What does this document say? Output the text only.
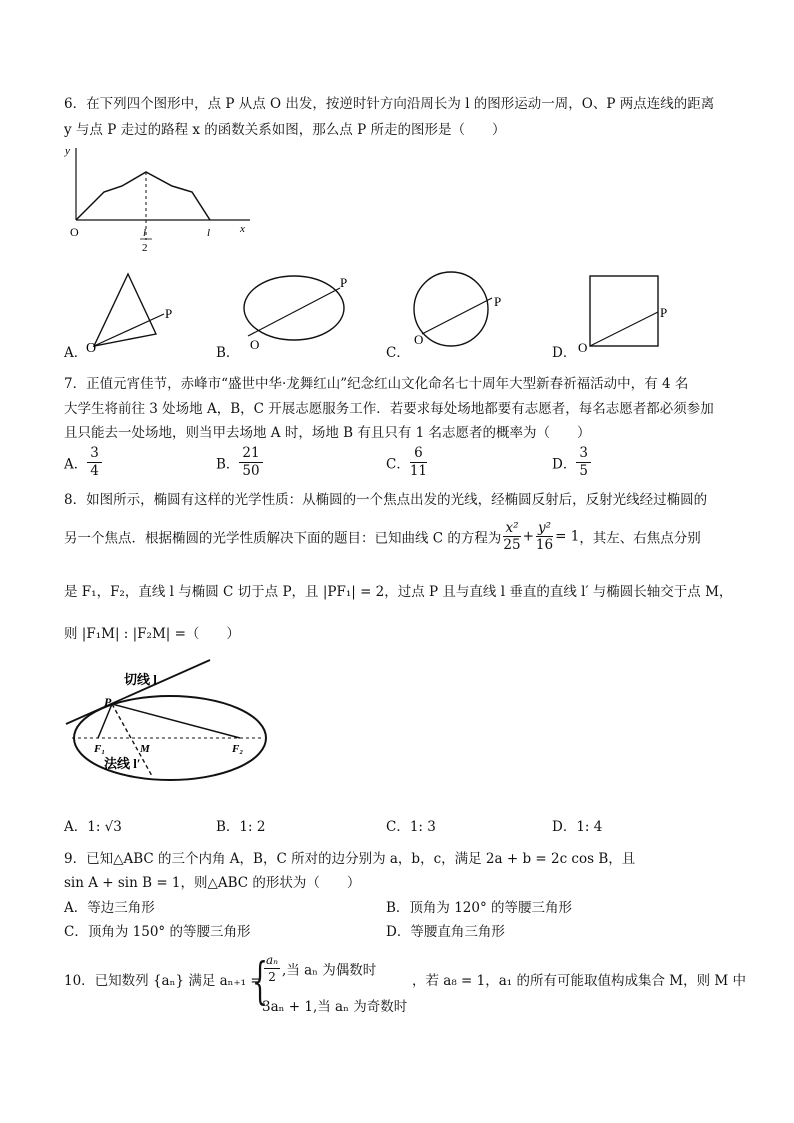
6．在下列四个图形中，点 P 从点 O 出发，按逆时针方向沿周长为 l 的图形运动一周，O、P 两点连线的距离
y 与点 P 走过的路程 x 的函数关系如图，那么点 P 所走的图形是（　　）
y
x
O	l
2
l
A．
O
P
B．
O
P
C．
O
P
D． O
P
7．正值元宵佳节，赤峰市“盛世中华·龙舞红山”纪念红山文化命名七十周年大型新春祈福活动中，有 4 名
大学生将前往 3 处场地 A，B，C 开展志愿服务工作．若要求每处场地都要有志愿者，每名志愿者都必须参加
且只能去一处场地，则当甲去场地 A 时，场地 B 有且只有 1 名志愿者的概率为（　　）
A． $\frac{3}{4}$	B． $\frac{21}{50}$	C． $\frac{6}{11}$	D． $\frac{3}{5}$
8．如图所示，椭圆有这样的光学性质：从椭圆的一个焦点出发的光线，经椭圆反射后，反射光线经过椭圆的
另一个焦点．根据椭圆的光学性质解决下面的题目：已知曲线 C 的方程为 $\frac{\text{x²}}{25} + \frac{\text{y²}}{16} = 1$，其左、右焦点分别
是 F₁，F₂，直线 l 与椭圆 C 切于点 P，且 |PF₁| = 2，过点 P 且与直线 l 垂直的直线 l′ 与椭圆长轴交于点 M，
则 |F₁M| : |F₂M| =（　　）
切线 l
P
F₁	M	F₂
法线 l′
A．1: √3	B．1: 2	C．1: 3	D．1: 4
9．已知△ABC 的三个内角 A，B，C 所对的边分别为 a，b，c，满足 2a + b = 2c cos B，且
sin A + sin B = 1，则△ABC 的形状为（　　）
A．等边三角形	B．顶角为 120° 的等腰三角形
C．顶角为 150° 的等腰三角形	D．等腰直角三角形
10．已知数列 {aₙ} 满足 aₙ₊₁ =
{
$\frac{\text{aₙ}}{2}$ ,当 aₙ 为偶数时
3aₙ + 1,当 aₙ 为奇数时
，若 a₈ = 1，a₁ 的所有可能取值构成集合 M，则 M 中
